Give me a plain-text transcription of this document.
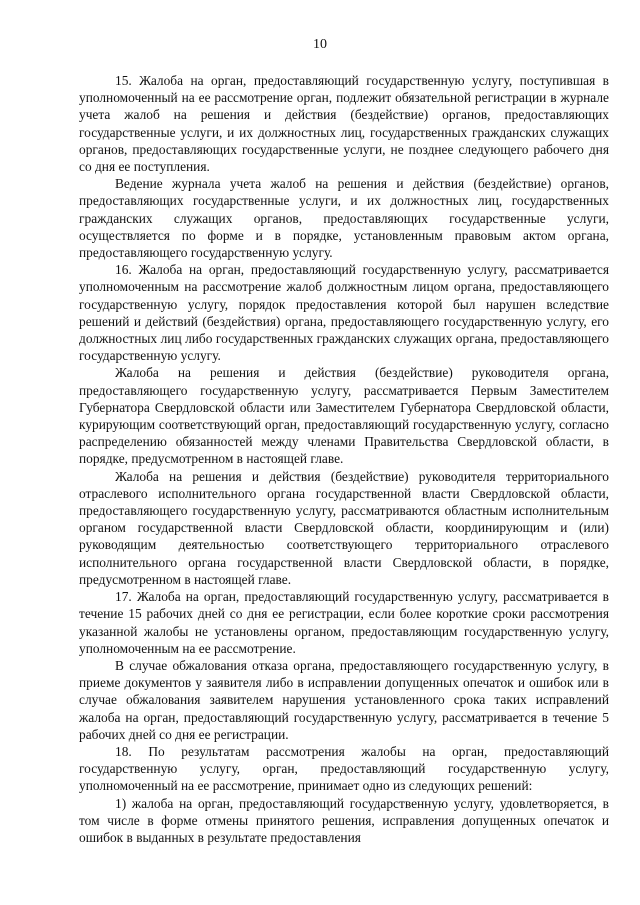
10

15. Жалоба на орган, предоставляющий государственную услугу, поступившая в уполномоченный на ее рассмотрение орган, подлежит обязательной регистрации в журнале учета жалоб на решения и действия (бездействие) органов, предоставляющих государственные услуги, и их должностных лиц, государственных гражданских служащих органов, предоставляющих государственные услуги, не позднее следующего рабочего дня со дня ее поступления.

Ведение журнала учета жалоб на решения и действия (бездействие) органов, предоставляющих государственные услуги, и их должностных лиц, государственных гражданских служащих органов, предоставляющих государственные услуги, осуществляется по форме и в порядке, установленным правовым актом органа, предоставляющего государственную услугу.

16. Жалоба на орган, предоставляющий государственную услугу, рассматривается уполномоченным на рассмотрение жалоб должностным лицом органа, предоставляющего государственную услугу, порядок предоставления которой был нарушен вследствие решений и действий (бездействия) органа, предоставляющего государственную услугу, его должностных лиц либо государственных гражданских служащих органа, предоставляющего государственную услугу.

Жалоба на решения и действия (бездействие) руководителя органа, предоставляющего государственную услугу, рассматривается Первым Заместителем Губернатора Свердловской области или Заместителем Губернатора Свердловской области, курирующим соответствующий орган, предоставляющий государственную услугу, согласно распределению обязанностей между членами Правительства Свердловской области, в порядке, предусмотренном в настоящей главе.

Жалоба на решения и действия (бездействие) руководителя территориального отраслевого исполнительного органа государственной власти Свердловской области, предоставляющего государственную услугу, рассматриваются областным исполнительным органом государственной власти Свердловской области, координирующим и (или) руководящим деятельностью соответствующего территориального отраслевого исполнительного органа государственной власти Свердловской области, в порядке, предусмотренном в настоящей главе.

17. Жалоба на орган, предоставляющий государственную услугу, рассматривается в течение 15 рабочих дней со дня ее регистрации, если более короткие сроки рассмотрения указанной жалобы не установлены органом, предоставляющим государственную услугу, уполномоченным на ее рассмотрение.

В случае обжалования отказа органа, предоставляющего государственную услугу, в приеме документов у заявителя либо в исправлении допущенных опечаток и ошибок или в случае обжалования заявителем нарушения установленного срока таких исправлений жалоба на орган, предоставляющий государственную услугу, рассматривается в течение 5 рабочих дней со дня ее регистрации.

18. По результатам рассмотрения жалобы на орган, предоставляющий государственную услугу, орган, предоставляющий государственную услугу, уполномоченный на ее рассмотрение, принимает одно из следующих решений:

1) жалоба на орган, предоставляющий государственную услугу, удовлетворяется, в том числе в форме отмены принятого решения, исправления допущенных опечаток и ошибок в выданных в результате предоставления
